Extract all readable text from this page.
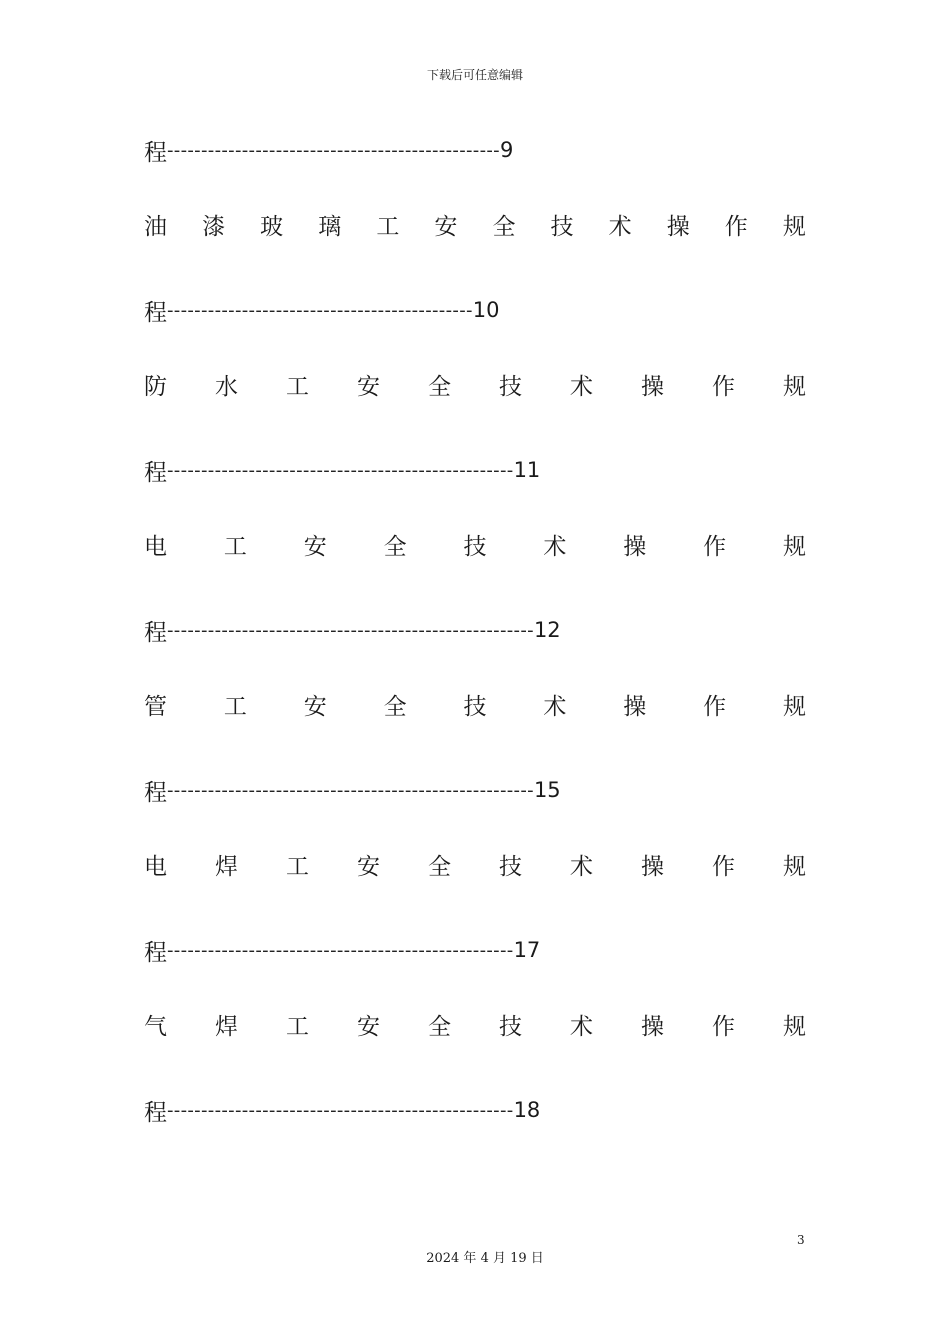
下载后可任意编辑
程 ------------------------------------------------- 9
油 漆 玻 璃 工 安 全 技 术 操 作 规
程 --------------------------------------------- 10
防 水 工 安 全 技 术 操 作 规
程 --------------------------------------------------- 11
电 工 安 全 技 术 操 作 规
程 ------------------------------------------------------ 12
管 工 安 全 技 术 操 作 规
程 ------------------------------------------------------ 15
电 焊 工 安 全 技 术 操 作 规
程 --------------------------------------------------- 17
气 焊 工 安 全 技 术 操 作 规
程 --------------------------------------------------- 18
3
2024 年 4 月 19 日
